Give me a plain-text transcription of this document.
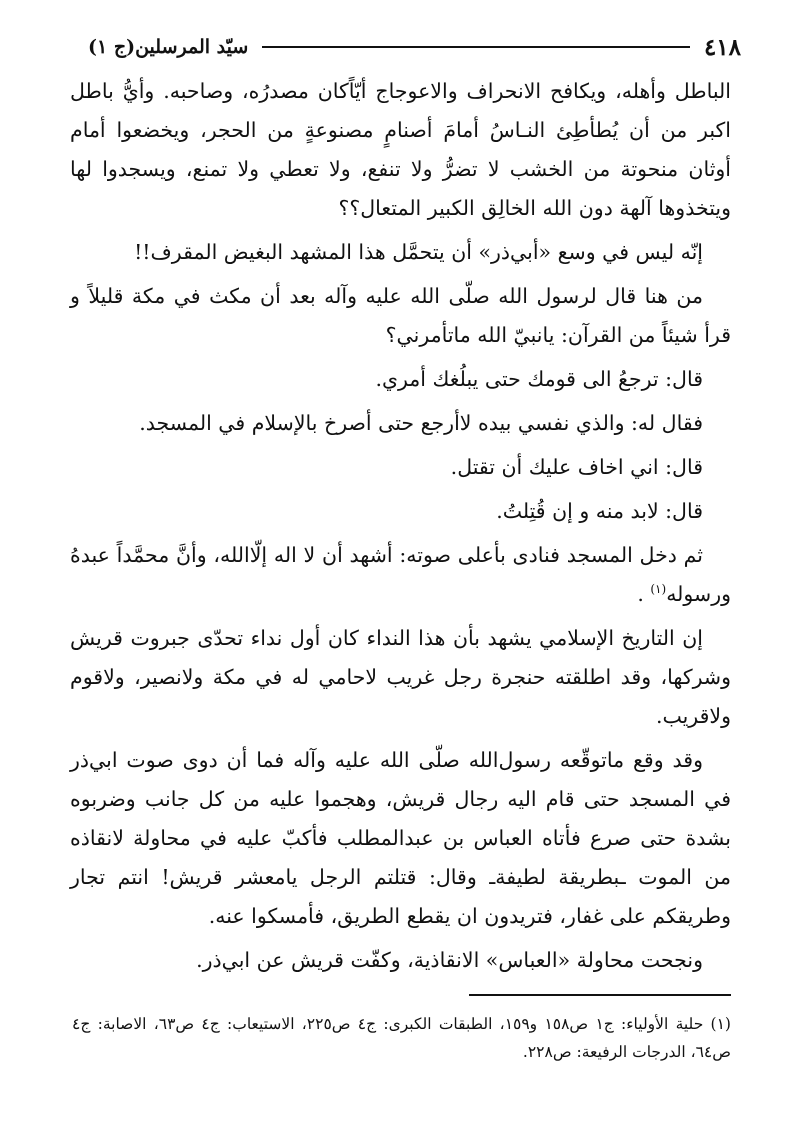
٤١٨
سيّد المرسلين(ج ١)

الباطل وأهله، ويكافح الانحراف والاعوجاج أيّاًكان مصدرُه، وصاحبه. وأيُّ باطل اكبر من أن يُطأطِئ النـاسُ أمامَ أصنامٍ مصنوعةٍ من الحجر، ويخضعوا أمام أوثان منحوتة من الخشب لا تضرُّ ولا تنفع، ولا تعطي ولا تمنع، ويسجدوا لها ويتخذوها آلهة دون الله الخالِق الكبير المتعال؟؟

إنّه ليس في وسع «أبي‌ذر» أن يتحمَّل هذا المشهد البغيض المقرف!!

من هنا قال لرسول الله صلّى الله عليه وآله بعد أن مكث في مكة قليلاً و قرأ شيئاً من القرآن: يانبيّ الله ماتأمرني؟

قال: ترجعُ الى قومك حتى يبلُغك أمري.

فقال له: والذي نفسي بيده لاأرجع حتى أصرخ بالإسلام في المسجد.

قال: اني اخاف عليك أن تقتل.

قال: لابد منه و إن قُتِلتُ.

ثم دخل المسجد فنادى بأعلى صوته: أشهد أن لا اله إلّاالله، وأنَّ محمَّداً عبدهُ ورسوله$^{(١)}$ .

إن التاريخ الإسلامي يشهد بأن هذا النداء كان أول نداء تحدّى جبروت قريش وشركها، وقد اطلقته حنجرة رجل غريب لاحامي له في مكة ولانصير، ولاقوم ولاقريب.

وقد وقع ماتوقّعه رسول‌الله صلّى الله عليه وآله فما أن دوى صوت ابي‌ذر في المسجد حتى قام اليه رجال قريش، وهجموا عليه من كل جانب وضربوه بشدة حتى صرع فأتاه العباس بن عبدالمطلب فأكبّ عليه في محاولة لانقاذه من الموت ـبطريقة لطيفةـ وقال: قتلتم الرجل يامعشر قريش! انتم تجار وطريقكم على غفار، فتريدون ان يقطع الطريق، فأمسكوا عنه.

ونجحت محاولة «العباس» الانقاذية، وكفّت قريش عن ابي‌ذر.

(١) حلية الأولياء: ج١ ص١٥٨ و١٥٩، الطبقات الكبرى: ج٤ ص٢٢٥، الاستيعاب: ج٤ ص٦٣، الاصابة: ج٤ ص٦٤، الدرجات الرفيعة: ص٢٢٨.
